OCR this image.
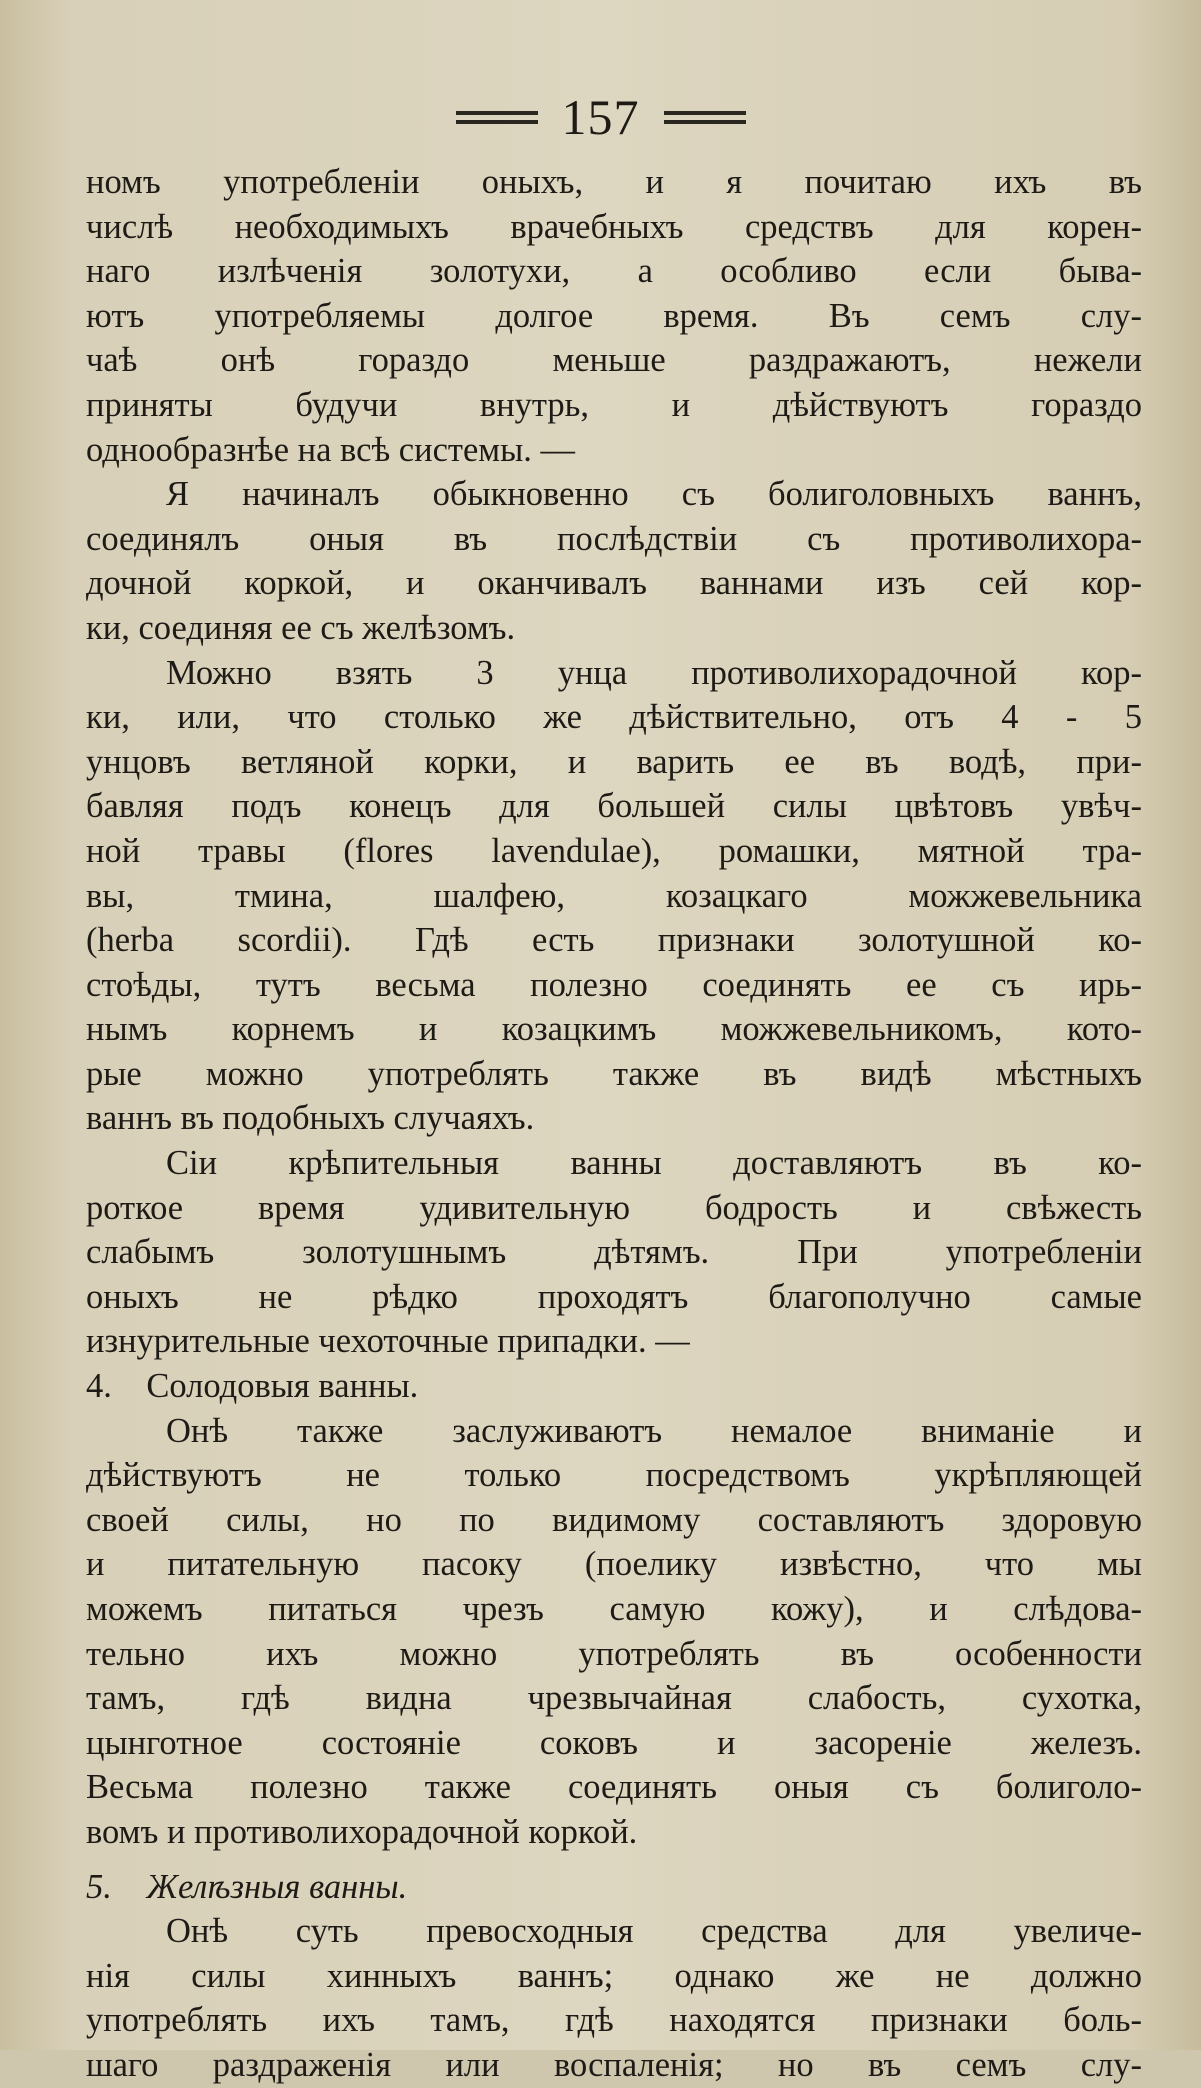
157
номъ употребленіи оныхъ, и я почитаю ихъ въ
числѣ необходимыхъ врачебныхъ средствъ для корен-
наго излѣченія золотухи, а особливо если быва-
ютъ употребляемы долгое время. Въ семъ слу-
чаѣ онѣ гораздо меньше раздражаютъ, нежели
приняты будучи внутрь, и дѣйствуютъ гораздо
однообразнѣе на всѣ системы. —
Я начиналъ обыкновенно съ болиголовныхъ ваннъ,
соединялъ оныя въ послѣдствіи съ противолихора-
дочной коркой, и оканчивалъ ваннами изъ сей кор-
ки, соединяя ее съ желѣзомъ.
Можно взять 3 унца противолихорадочной кор-
ки, или, что столько же дѣйствительно, отъ 4 - 5
унцовъ ветляной корки, и варить ее въ водѣ, при-
бавляя подъ конецъ для большей силы цвѣтовъ увѣч-
ной травы (flores lavendulae), ромашки, мятной тра-
вы, тмина, шалфею, козацкаго можжевельника
(herba scordii). Гдѣ есть признаки золотушной ко-
стоѣды, тутъ весьма полезно соединять ее съ ирь-
нымъ корнемъ и козацкимъ можжевельникомъ, кото-
рые можно употреблять также въ видѣ мѣстныхъ
ваннъ въ подобныхъ случаяхъ.
Сіи крѣпительныя ванны доставляютъ въ ко-
роткое время удивительную бодрость и свѣжесть
слабымъ золотушнымъ дѣтямъ. При употребленіи
оныхъ не рѣдко проходятъ благополучно самые
изнурительные чехоточные припадки. —
4. Солодовыя ванны.
Онѣ также заслуживаютъ немалое вниманіе и
дѣйствуютъ не только посредствомъ укрѣпляющей
своей силы, но по видимому составляютъ здоровую
и питательную пасоку (поелику извѣстно, что мы
можемъ питаться чрезъ самую кожу), и слѣдова-
тельно ихъ можно употреблять въ особенности
тамъ, гдѣ видна чрезвычайная слабость, сухотка,
цынготное состояніе соковъ и засореніе железъ.
Весьма полезно также соединять оныя съ болиголо-
вомъ и противолихорадочной коркой.
5. Желѣзныя ванны.
Онѣ суть превосходныя средства для увеличе-
нія силы хинныхъ ваннъ; однако же не должно
употреблять ихъ тамъ, гдѣ находятся признаки боль-
шаго раздраженія или воспаленія; но въ семъ слу-
